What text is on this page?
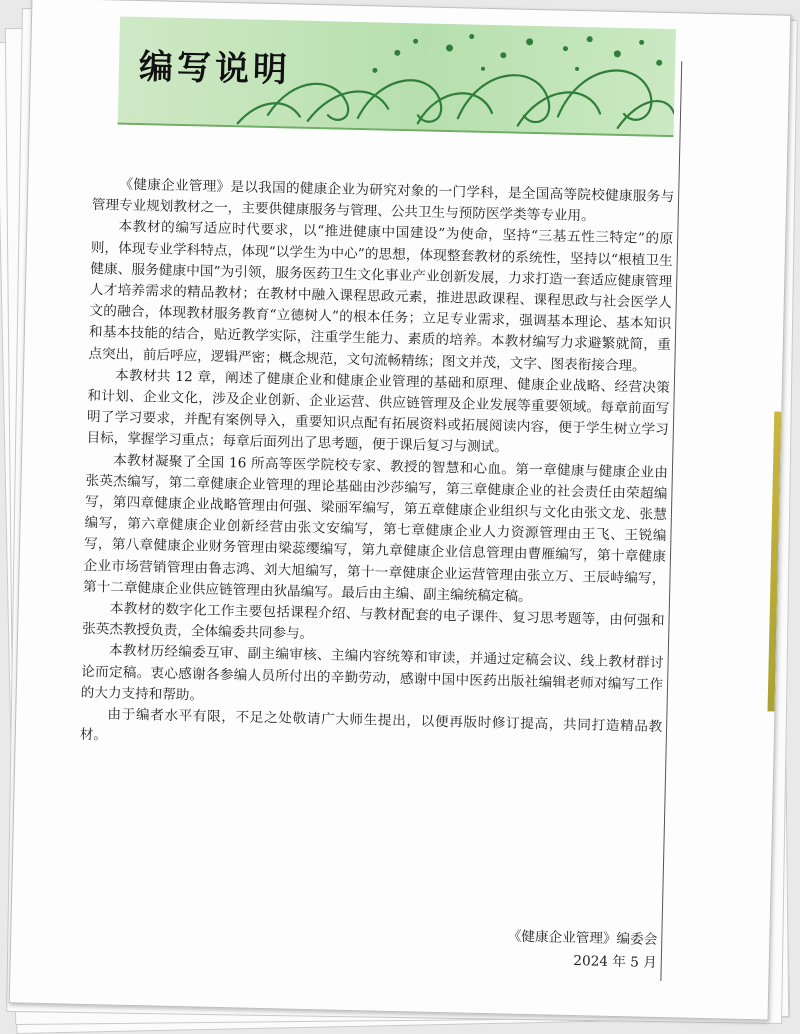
编写说明

《健康企业管理》是以我国的健康企业为研究对象的一门学科，是全国高等院校健康服务与管理专业规划教材之一，主要供健康服务与管理、公共卫生与预防医学类等专业用。

本教材的编写适应时代要求，以“推进健康中国建设”为使命，坚持“三基五性三特定”的原则，体现专业学科特点，体现“以学生为中心”的思想，体现整套教材的系统性，坚持以“根植卫生健康、服务健康中国”为引领，服务医药卫生文化事业产业创新发展，力求打造一套适应健康管理人才培养需求的精品教材；在教材中融入课程思政元素，推进思政课程、课程思政与社会医学人文的融合，体现教材服务教育“立德树人”的根本任务；立足专业需求，强调基本理论、基本知识和基本技能的结合，贴近教学实际，注重学生能力、素质的培养。本教材编写力求避繁就简，重点突出，前后呼应，逻辑严密；概念规范，文句流畅精练；图文并茂，文字、图表衔接合理。

本教材共 12 章，阐述了健康企业和健康企业管理的基础和原理、健康企业战略、经营决策和计划、企业文化，涉及企业创新、企业运营、供应链管理及企业发展等重要领域。每章前面写明了学习要求，并配有案例导入，重要知识点配有拓展资料或拓展阅读内容，便于学生树立学习目标，掌握学习重点；每章后面列出了思考题，便于课后复习与测试。

本教材凝聚了全国 16 所高等医学院校专家、教授的智慧和心血。第一章健康与健康企业由张英杰编写，第二章健康企业管理的理论基础由沙莎编写，第三章健康企业的社会责任由荣超编写，第四章健康企业战略管理由何强、梁丽军编写，第五章健康企业组织与文化由张文龙、张慧编写，第六章健康企业创新经营由张文安编写，第七章健康企业人力资源管理由王飞、王锐编写，第八章健康企业财务管理由梁蕊缨编写，第九章健康企业信息管理由曹雁编写，第十章健康企业市场营销管理由鲁志鸿、刘大旭编写，第十一章健康企业运营管理由张立万、王辰峙编写，第十二章健康企业供应链管理由狄晶编写。最后由主编、副主编统稿定稿。

本教材的数字化工作主要包括课程介绍、与教材配套的电子课件、复习思考题等，由何强和张英杰教授负责，全体编委共同参与。

本教材历经编委互审、副主编审核、主编内容统筹和审读，并通过定稿会议、线上教材群讨论而定稿。衷心感谢各参编人员所付出的辛勤劳动，感谢中国中医药出版社编辑老师对编写工作的大力支持和帮助。

由于编者水平有限，不足之处敬请广大师生提出，以便再版时修订提高，共同打造精品教材。

《健康企业管理》编委会
2024 年 5 月
